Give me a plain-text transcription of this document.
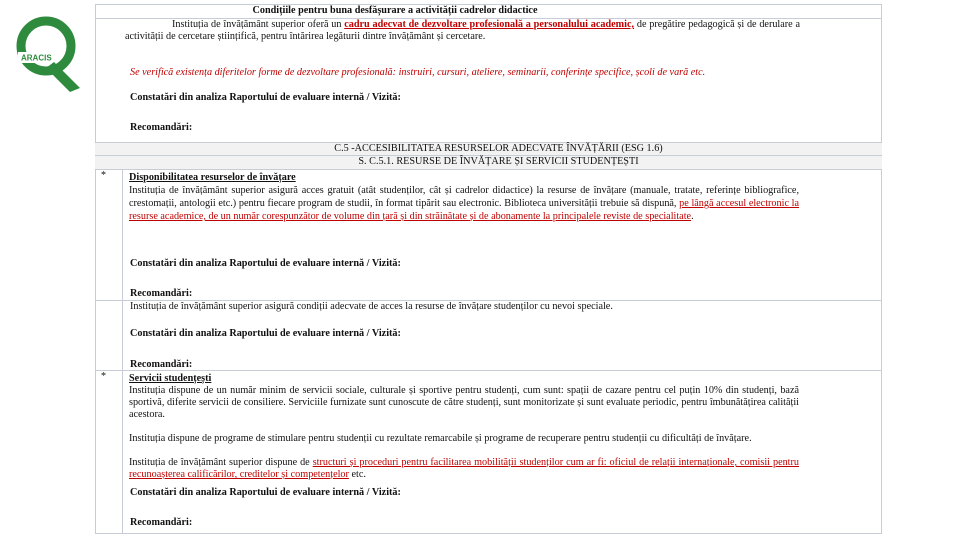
ARACIS
Condițiile pentru buna desfășurare a activității cadrelor didactice
Instituția de învățământ superior oferă un cadru adecvat de dezvoltare profesională a personalului academic, de pregătire pedagogică și de derulare a activității de cercetare științifică, pentru întărirea legăturii dintre învățământ și cercetare.
Se verifică existența diferitelor forme de dezvoltare profesională: instruiri, cursuri, ateliere, seminarii, conferințe specifice, școli de vară etc.
Constatări din analiza Raportului de evaluare internă / Vizită:
Recomandări:
C.5 -ACCESIBILITATEA RESURSELOR ADECVATE ÎNVĂȚĂRII (ESG 1.6)
S. C.5.1. RESURSE DE ÎNVĂȚARE ȘI SERVICII STUDENȚEȘTI
* Disponibilitatea resurselor de învățare
Instituția de învățământ superior asigură acces gratuit (atât studenților, cât și cadrelor didactice) la resurse de învățare (manuale, tratate, referințe bibliografice, crestomații, antologii etc.) pentru fiecare program de studii, în format tipărit sau electronic. Biblioteca universității trebuie să dispună, pe lângă accesul electronic la resurse academice, de un număr corespunzător de volume din țară și din străinătate și de abonamente la principalele reviste de specialitate.
Constatări din analiza Raportului de evaluare internă / Vizită:
Recomandări:
Instituția de învățământ superior asigură condiții adecvate de acces la resurse de învățare studenților cu nevoi speciale.
Constatări din analiza Raportului de evaluare internă / Vizită:
Recomandări:
* Servicii studențești
Instituția dispune de un număr minim de servicii sociale, culturale și sportive pentru studenți, cum sunt: spații de cazare pentru cel puțin 10% din studenți, bază sportivă, diferite servicii de consiliere. Serviciile furnizate sunt cunoscute de către studenți, sunt monitorizate și sunt evaluate periodic, pentru îmbunătățirea calității acestora.
Instituția dispune de programe de stimulare pentru studenții cu rezultate remarcabile și programe de recuperare pentru studenții cu dificultăți de învățare.
Instituția de învățământ superior dispune de structuri și proceduri pentru facilitarea mobilității studenților cum ar fi: oficiul de relații internaționale, comisii pentru recunoașterea calificărilor, creditelor și competențelor etc.
Constatări din analiza Raportului de evaluare internă / Vizită:
Recomandări:
